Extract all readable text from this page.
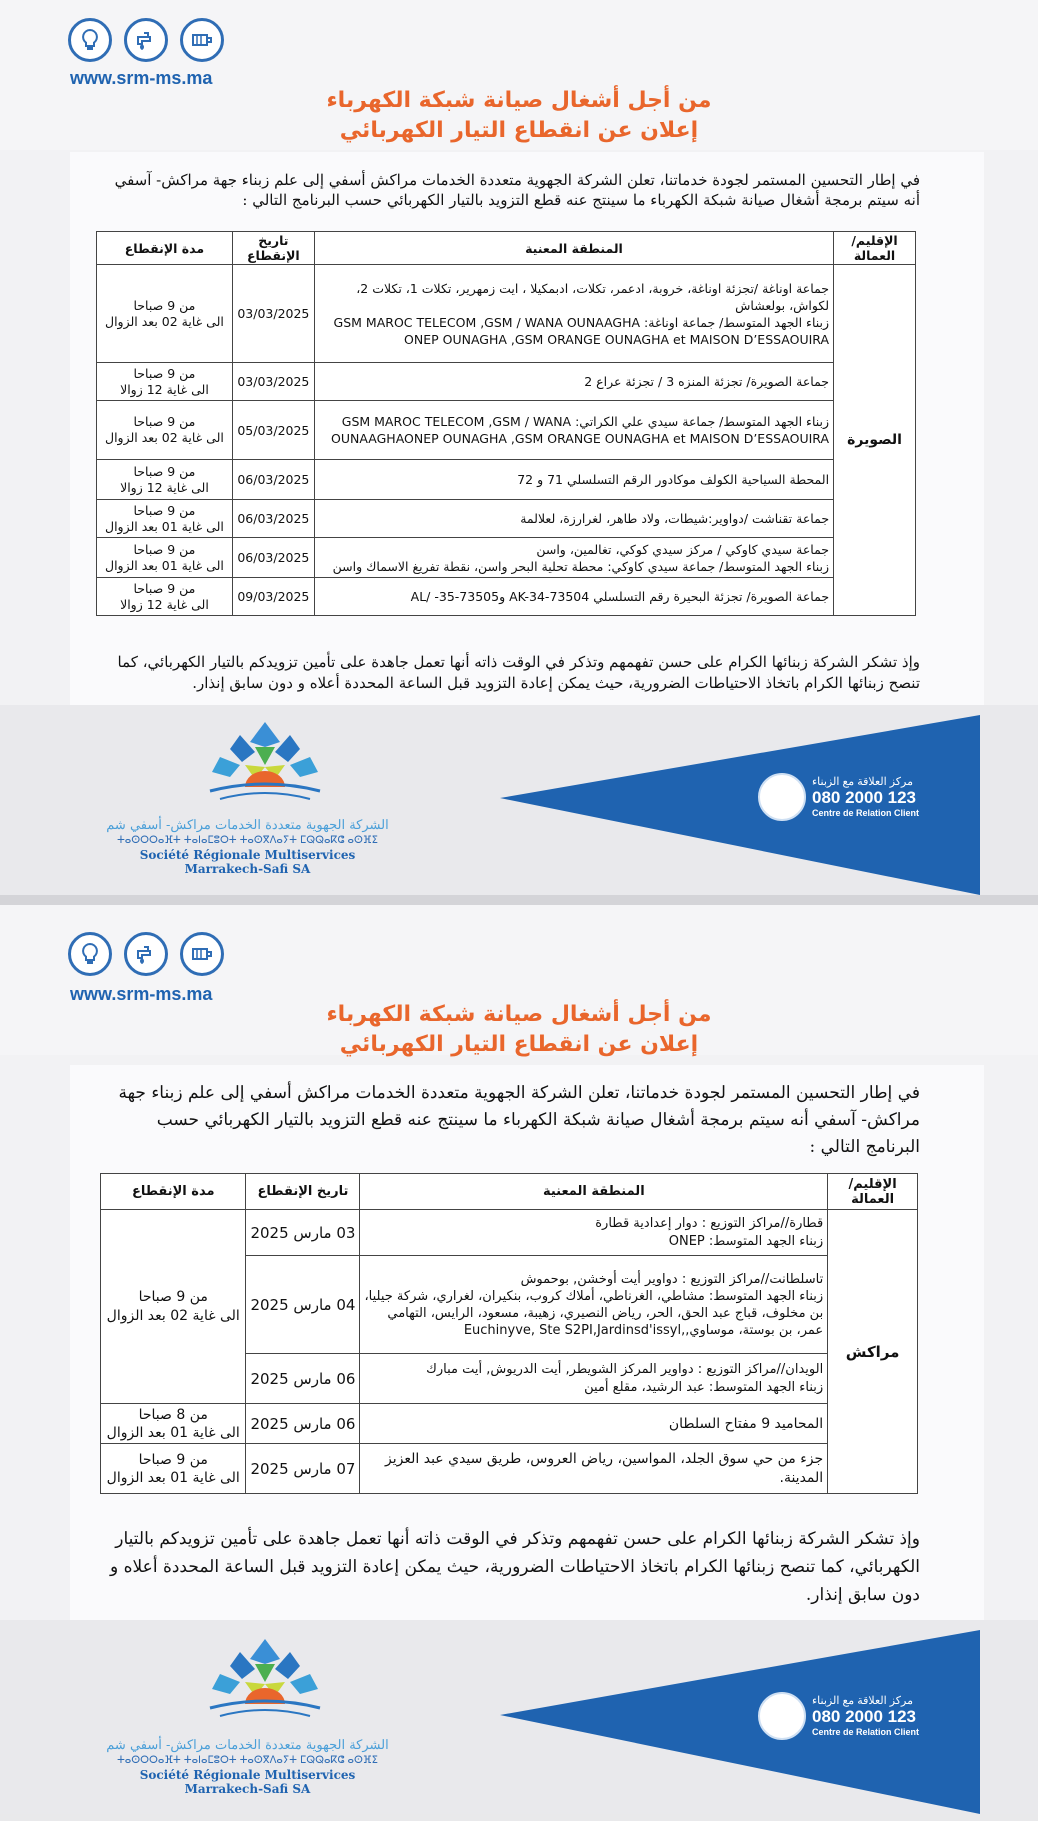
www.srm-ms.ma
من أجل أشغال صيانة شبكة الكهرباء
إعلان عن انقطاع التيار الكهربائي
في إطار التحسين المستمر لجودة خدماتنا، تعلن الشركة الجهوية متعددة الخدمات مراكش أسفي إلى علم زبناء جهة مراكش- آسفي أنه سيتم برمجة أشغال صيانة شبكة الكهرباء ما سينتج عنه قطع التزويد بالتيار الكهربائي حسب البرنامج التالي :
الإقليم/العمالة	المنطقة المعنية	تاريخ الإنقطاع	مدة الإنقطاع
الصويرة	جماعة اوناغة /تجزئة اوناغة، خروبة، ادعمر، تكلات، ادبمكيلا ، ايت زمهرير، تكلات 1، تكلات 2، لكواش، بولعشاش
زبناء الجهد المتوسط/ جماعة اوناغة: GSM MAROC TELECOM ,GSM / WANA OUNAAGHA
ONEP OUNAGHA ,GSM ORANGE OUNAGHA et MAISON D’ESSAOUIRA	03/03/2025	من 9 صباحا
الى غاية 02 بعد الزوال
	جماعة الصويرة/ تجزئة المنزه 3 / تجزئة عراع 2	03/03/2025	من 9 صباحا
الى غاية 12 زوالا
	زبناء الجهد المتوسط/ جماعة سيدي علي الكراتي: GSM MAROC TELECOM ,GSM / WANA OUNAAGHAONEP OUNAGHA ,GSM ORANGE OUNAGHA et MAISON D’ESSAOUIRA	05/03/2025	من 9 صباحا
الى غاية 02 بعد الزوال
	المحطة السياحية الكولف موكادور الرقم التسلسلي 71 و 72	06/03/2025	من 9 صباحا
الى غاية 12 زوالا
	جماعة تقناشت /دواوير:شيطات، ولاد طاهر، لغرارزة، لعلالمة	06/03/2025	من 9 صباحا
الى غاية 01 بعد الزوال
	جماعة سيدي كاوكي / مركز سيدي كوكي، تغالمين، واسن
زبناء الجهد المتوسط/ جماعة سيدي كاوكي: محطة تحلية البحر واسن، نقطة تفريغ الاسماك واسن	06/03/2025	من 9 صباحا
الى غاية 01 بعد الزوال
	جماعة الصويرة/ تجزئة البحيرة رقم التسلسلي AK-34-73504 وAL/ -35-73505	09/03/2025	من 9 صباحا
الى غاية 12 زوالا
وإذ تشكر الشركة زبنائها الكرام على حسن تفهمهم وتذكر في الوقت ذاته أنها تعمل جاهدة على تأمين تزويدكم بالتيار الكهربائي، كما تنصح زبنائها الكرام باتخاذ الاحتياطات الضرورية، حيث يمكن إعادة التزويد قبل الساعة المحددة أعلاه و دون سابق إنذار.
الشركة الجهوية متعددة الخدمات مراكش- أسفي شم
ⵜⴰⵙⵔⵔⴰⴼⵜ ⵜⴰⵏⴰⵎⵓⵔⵜ ⵜⴰⵙⴳⴷⴰⵢⵜ ⵎⵕⵕⴰⴽⵛ ⴰⵙⴼⵉ
Société Régionale Multiservices Marrakech-Safi SA
مركز العلاقة مع الزبناء
080 2000 123
Centre de Relation Client
www.srm-ms.ma
من أجل أشغال صيانة شبكة الكهرباء
إعلان عن انقطاع التيار الكهربائي
في إطار التحسين المستمر لجودة خدماتنا، تعلن الشركة الجهوية متعددة الخدمات مراكش أسفي إلى علم زبناء جهة مراكش- آسفي أنه سيتم برمجة أشغال صيانة شبكة الكهرباء ما سينتج عنه قطع التزويد بالتيار الكهربائي حسب البرنامج التالي :
الإقليم/العمالة	المنطقة المعنية	تاريخ الإنقطاع	مدة الإنقطاع
مراكش	قطارة//مراكز التوزيع : دوار إعدادية قطارة
زبناء الجهد المتوسط: ONEP	03 مارس 2025	من 9 صباحا
الى غاية 02 بعد الزوال
	تاسلطانت//مراكز التوزيع : دواوير أيت أوخشن, بوحموش
زبناء الجهد المتوسط: مشاطي، الغرناطي، أملاك كروب، بنكيران، لغراري، شركة جيليا، بن مخلوف، قباج عبد الحق، الحر، رياض النصيري، زهيبة، مسعود، الرايس، التهامي عمر، بن بوستة، موساوي,,Euchinyve, Ste S2PI,Jardinsd'issyl	04 مارس 2025	
	الويدان//مراكز التوزيع : دواوير المركز الشويطر, أيت الدريوش, أيت مبارك
زبناء الجهد المتوسط: عبد الرشيد، مقلع أمين	06 مارس 2025	
	المحاميد 9 مفتاح السلطان	06 مارس 2025	من 8 صباحا
الى غاية 01 بعد الزوال
	جزء من حي سوق الجلد، المواسين، رياض العروس، طريق سيدي عبد العزيز المدينة.	07 مارس 2025	من 9 صباحا
الى غاية 01 بعد الزوال
وإذ تشكر الشركة زبنائها الكرام على حسن تفهمهم وتذكر في الوقت ذاته أنها تعمل جاهدة على تأمين تزويدكم بالتيار الكهربائي، كما تنصح زبنائها الكرام باتخاذ الاحتياطات الضرورية، حيث يمكن إعادة التزويد قبل الساعة المحددة أعلاه و دون سابق إنذار.
الشركة الجهوية متعددة الخدمات مراكش- أسفي شم
ⵜⴰⵙⵔⵔⴰⴼⵜ ⵜⴰⵏⴰⵎⵓⵔⵜ ⵜⴰⵙⴳⴷⴰⵢⵜ ⵎⵕⵕⴰⴽⵛ ⴰⵙⴼⵉ
Société Régionale Multiservices Marrakech-Safi SA
مركز العلاقة مع الزبناء
080 2000 123
Centre de Relation Client
